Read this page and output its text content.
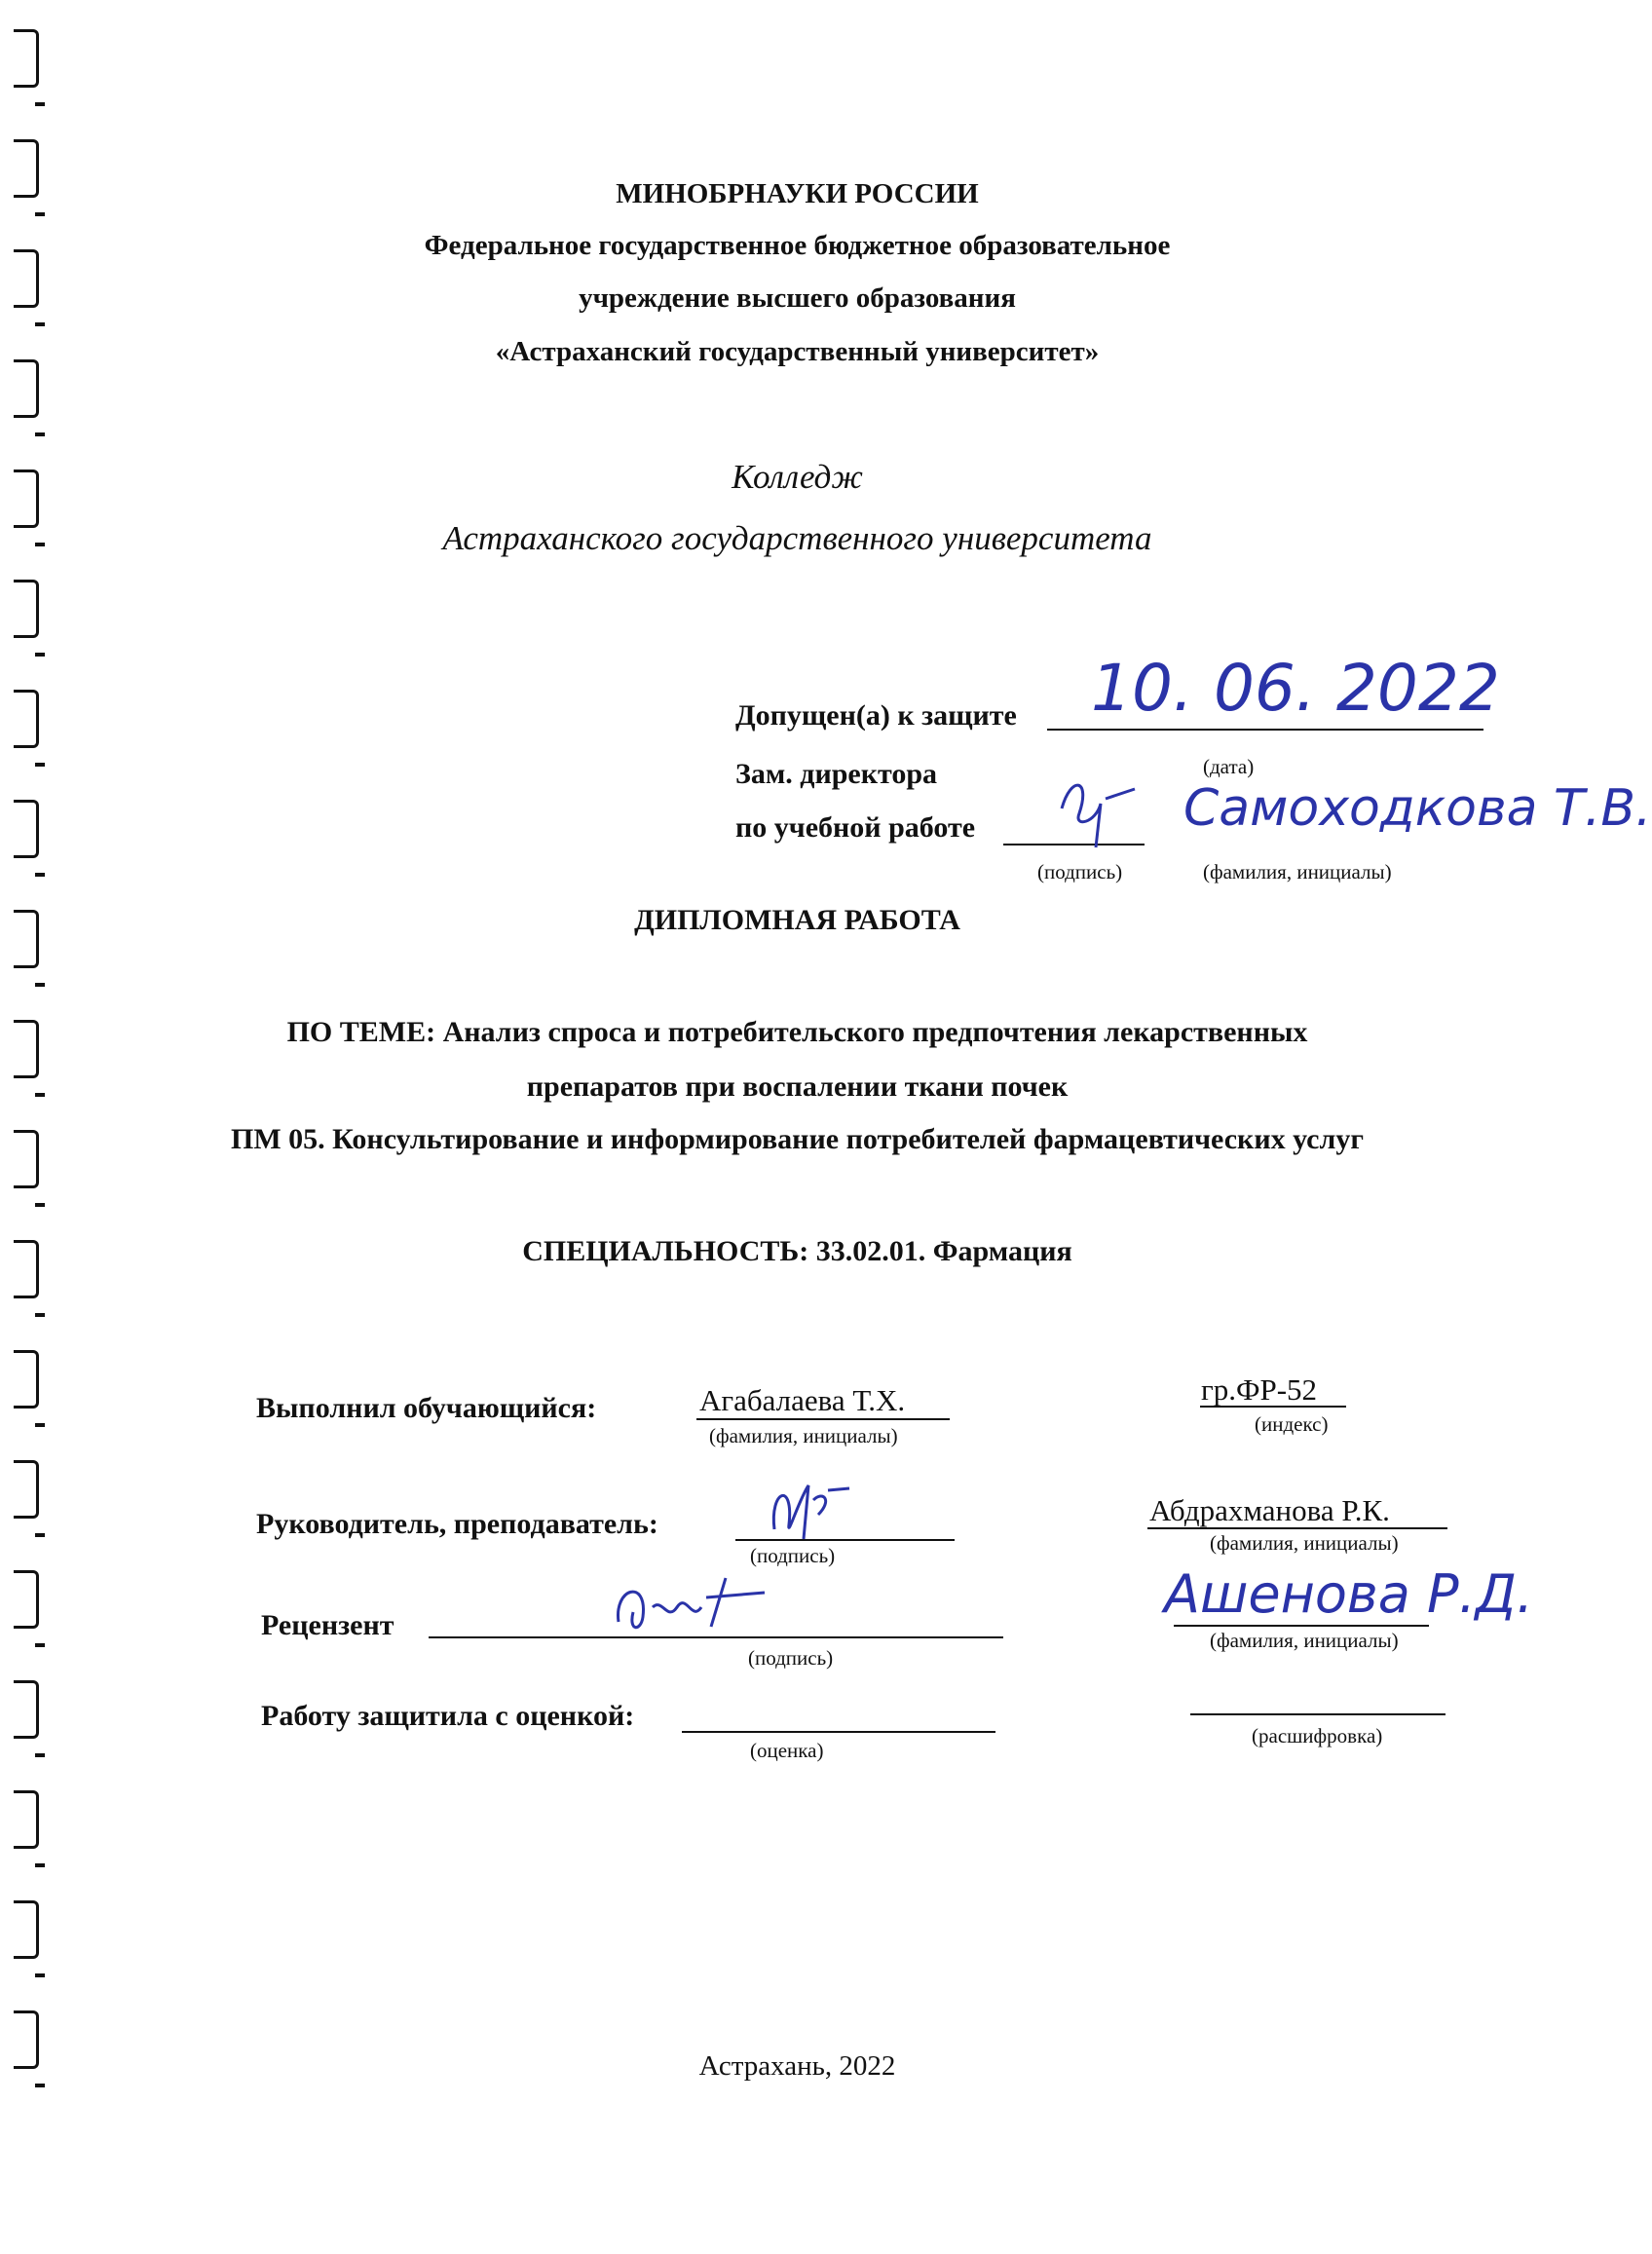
МИНОБРНАУКИ РОССИИ
Федеральное государственное бюджетное образовательное
учреждение высшего образования
«Астраханский государственный университет»
Колледж
Астраханского государственного университета
Допущен(а) к защите 10. 06. 2022
(дата)
Зам. директора
по учебной работе
(подпись)
Самоходкова Т.В.
(фамилия, инициалы)
ДИПЛОМНАЯ РАБОТА
ПО ТЕМЕ: Анализ спроса и потребительского предпочтения лекарственных
препаратов при воспалении ткани почек
ПМ 05. Консультирование и информирование потребителей фармацевтических услуг
СПЕЦИАЛЬНОСТЬ: 33.02.01. Фармация
Выполнил обучающийся:	Агабалаева Т.Х.
(фамилия, инициалы)
гр.ФР-52
(индекс)
Руководитель, преподаватель:
(подпись)
Абдрахманова Р.К.
(фамилия, инициалы)
Рецензент
(подпись)
Ашенова Р.Д.
(фамилия, инициалы)
Работу защитила с оценкой:
(оценка)
(расшифровка)
Астрахань, 2022
